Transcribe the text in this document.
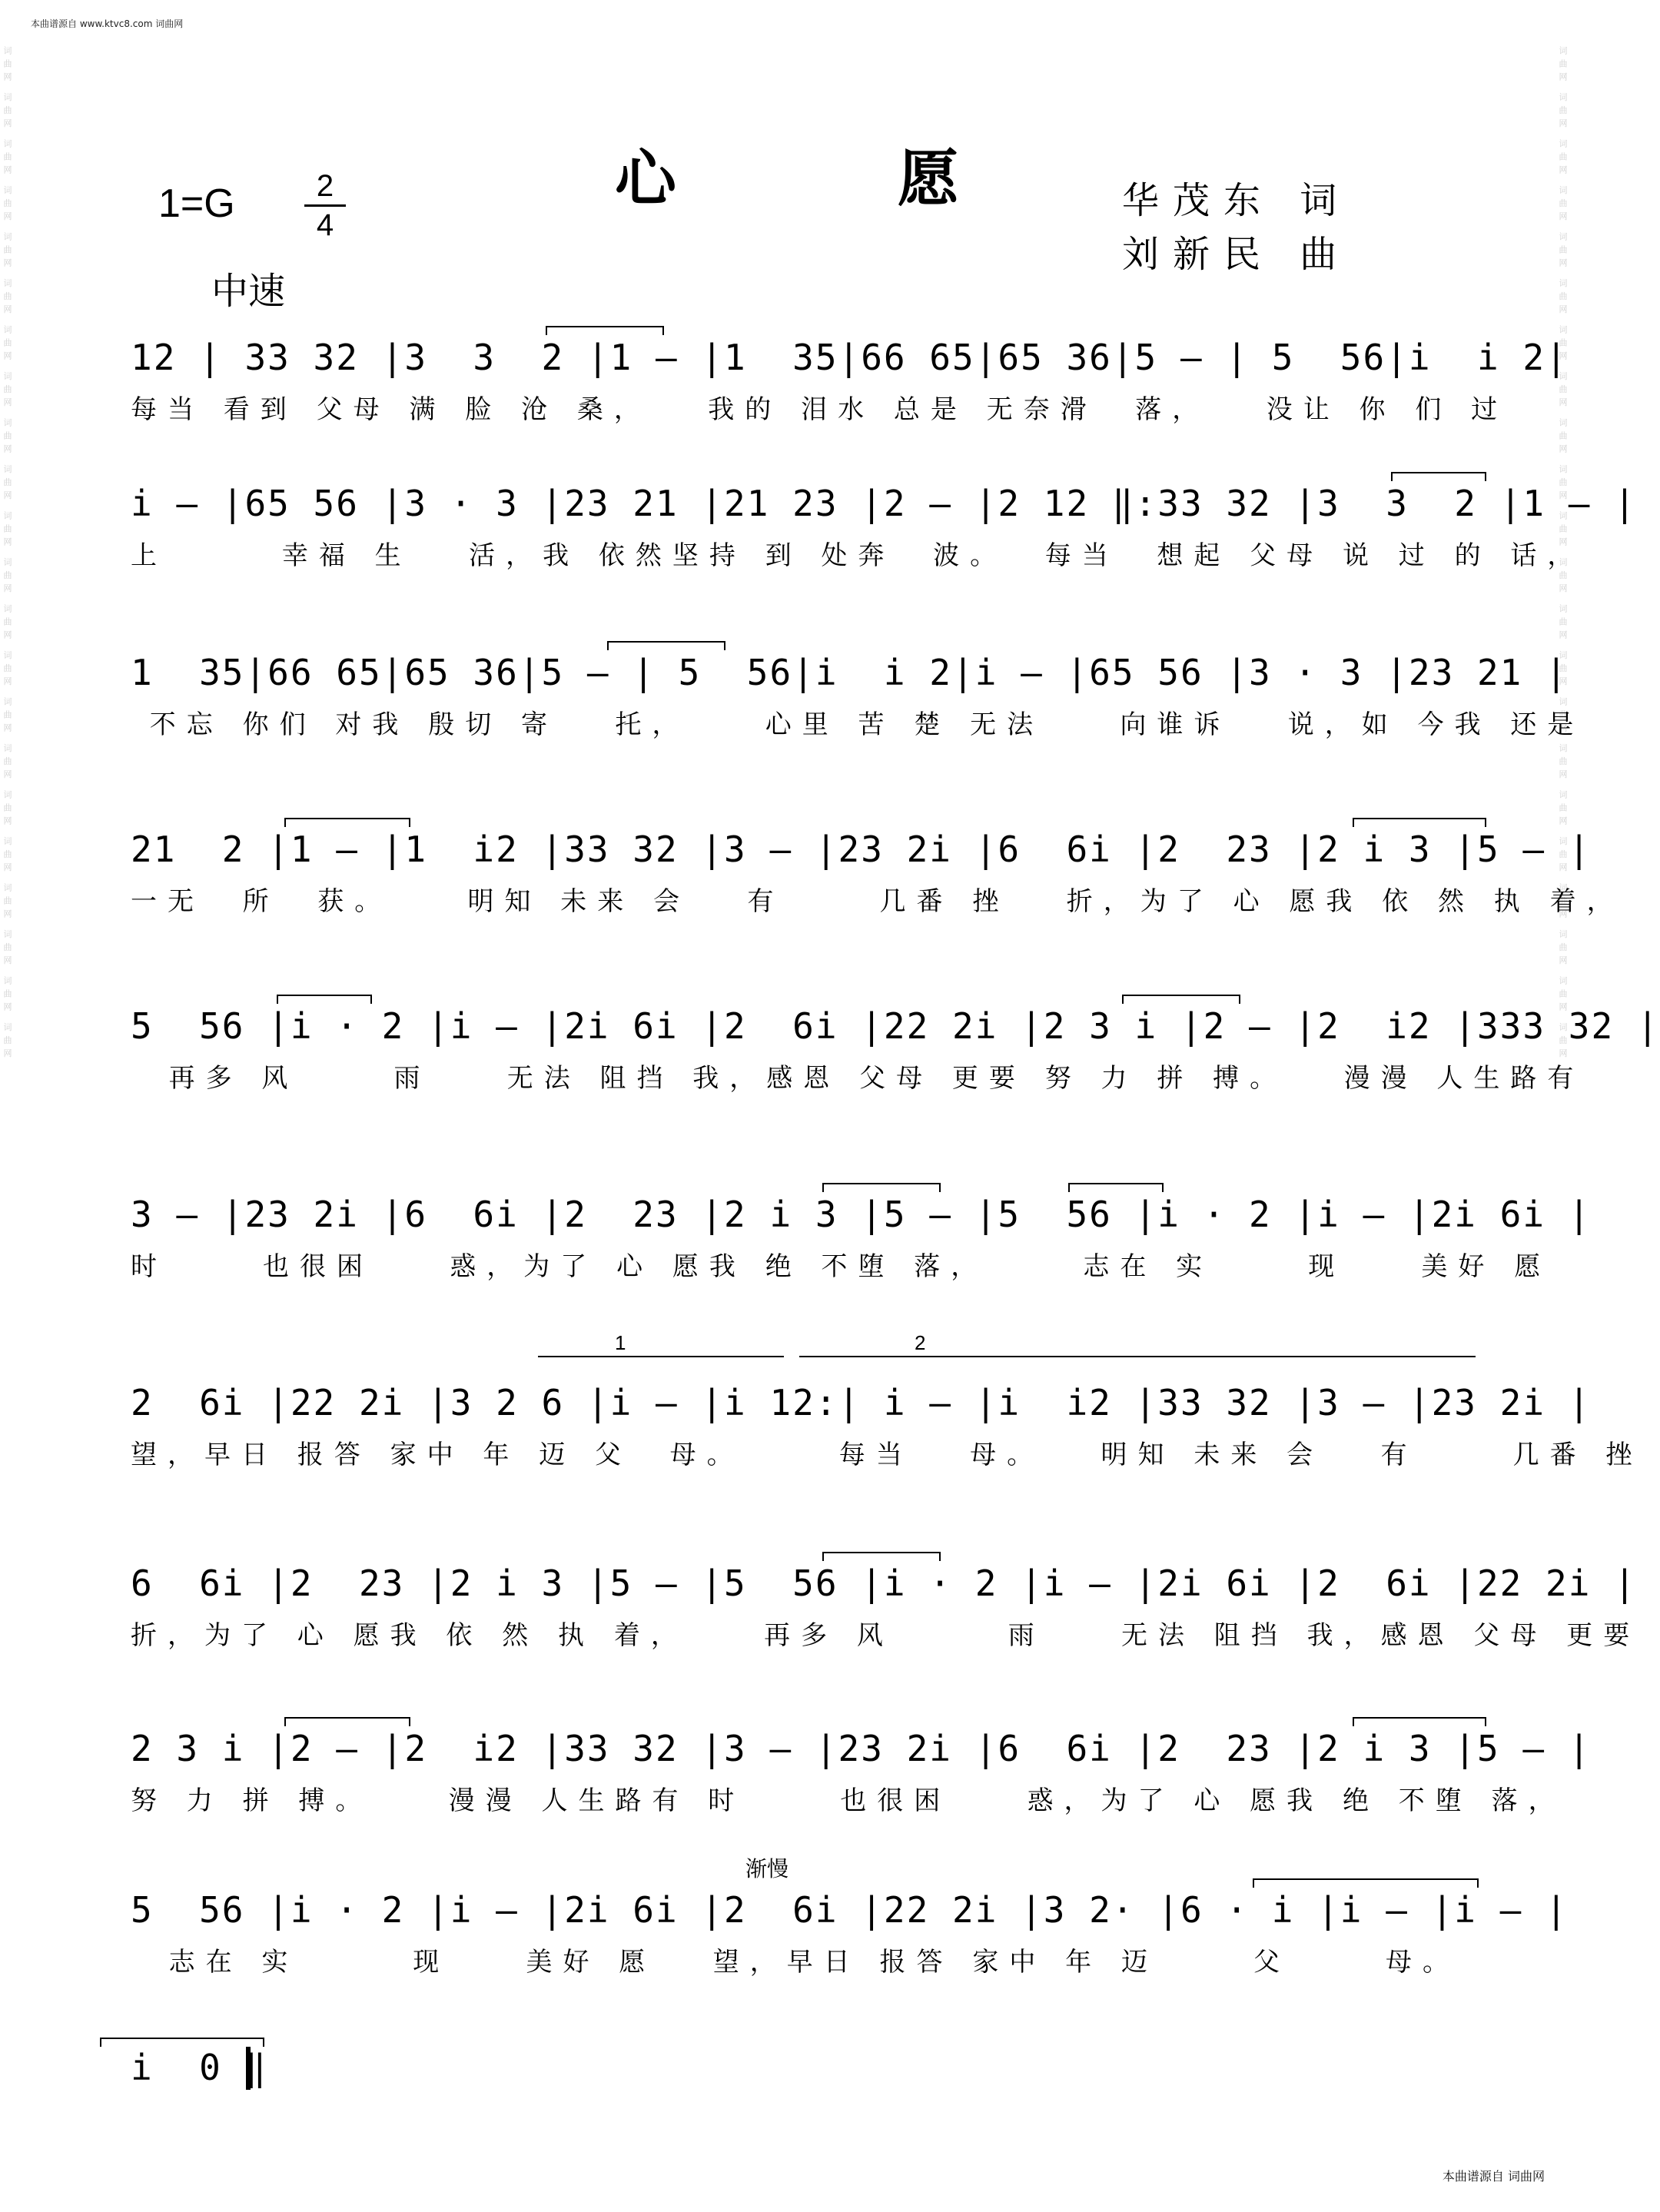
词曲网 词曲网 词曲网 词曲网 词曲网 词曲网 词曲网 词曲网 词曲网 词曲网 词曲网 词曲网 词曲网 词曲网 词曲网 词曲网 词曲网 词曲网 词曲网 词曲网 词曲网 词曲网	词曲网 词曲网 词曲网 词曲网 词曲网 词曲网 词曲网 词曲网 词曲网 词曲网 词曲网 词曲网 词曲网 词曲网 词曲网 词曲网 词曲网 词曲网 词曲网 词曲网 词曲网 词曲网
本曲谱源自 www.ktvc8.com 词曲网
心 愿
1=G	2
4
中速
华茂东 词
刘新民 曲
12 | 33 32 |3  3  2 |1 — |1  35|66 65|65 36|5 — | 5  56|i  i 2|
每当 看到 父母 满 脸 沧 桑，   我的 泪水 总是 无奈滑  落，   没让 你 们 过
i — |65 56 |3 · 3 |23 21 |21 23 |2 — |2 12 ‖:33 32 |3  3  2 |1 — |
上      幸福 生   活，我 依然坚持 到 处奔  波。  每当  想起 父母 说 过 的 话，
1  35|66 65|65 36|5 — | 5  56|i  i 2|i — |65 56 |3 · 3 |23 21 |
不忘 你们 对我 殷切 寄   托，    心里 苦 楚 无法    向谁诉   说，如 今我 还是
21  2 |1 — |1  i2 |33 32 |3 — |23 2i |6  6i |2  23 |2 i 3 |5 — |
一无  所  获。    明知 未来 会   有     几番 挫   折，为了 心 愿我 依 然 执 着，
5  56 |i · 2 |i — |2i 6i |2  6i |22 2i |2 3 i |2 — |2  i2 |333 32 |
再多 风     雨    无法 阻挡 我，感恩 父母 更要 努 力 拼 搏。   漫漫 人生路有
3 — |23 2i |6  6i |2  23 |2 i 3 |5 — |5  56 |i · 2 |i — |2i 6i |
时     也很困    惑，为了 心 愿我 绝 不堕 落，     志在 实     现    美好 愿
1	2
2  6i |22 2i |3 2 6 |i — |i 12:| i — |i  i2 |33 32 |3 — |23 2i |
望，早日 报答 家中 年 迈 父  母。     每当   母。   明知 未来 会   有     几番 挫
6  6i |2  23 |2 i 3 |5 — |5  56 |i · 2 |i — |2i 6i |2  6i |22 2i |
折，为了 心 愿我 依 然 执 着，    再多 风      雨    无法 阻挡 我，感恩 父母 更要
2 3 i |2 — |2  i2 |33 32 |3 — |23 2i |6  6i |2  23 |2 i 3 |5 — |
努 力 拼 搏。    漫漫 人生路有 时     也很困    惑，为了 心 愿我 绝 不堕 落，
渐慢
5  56 |i · 2 |i — |2i 6i |2  6i |22 2i |3 2· |6 · i |i — |i — |
志在 实      现    美好 愿   望，早日 报答 家中 年 迈     父     母。
i  0 ‖
本曲谱源自 词曲网
